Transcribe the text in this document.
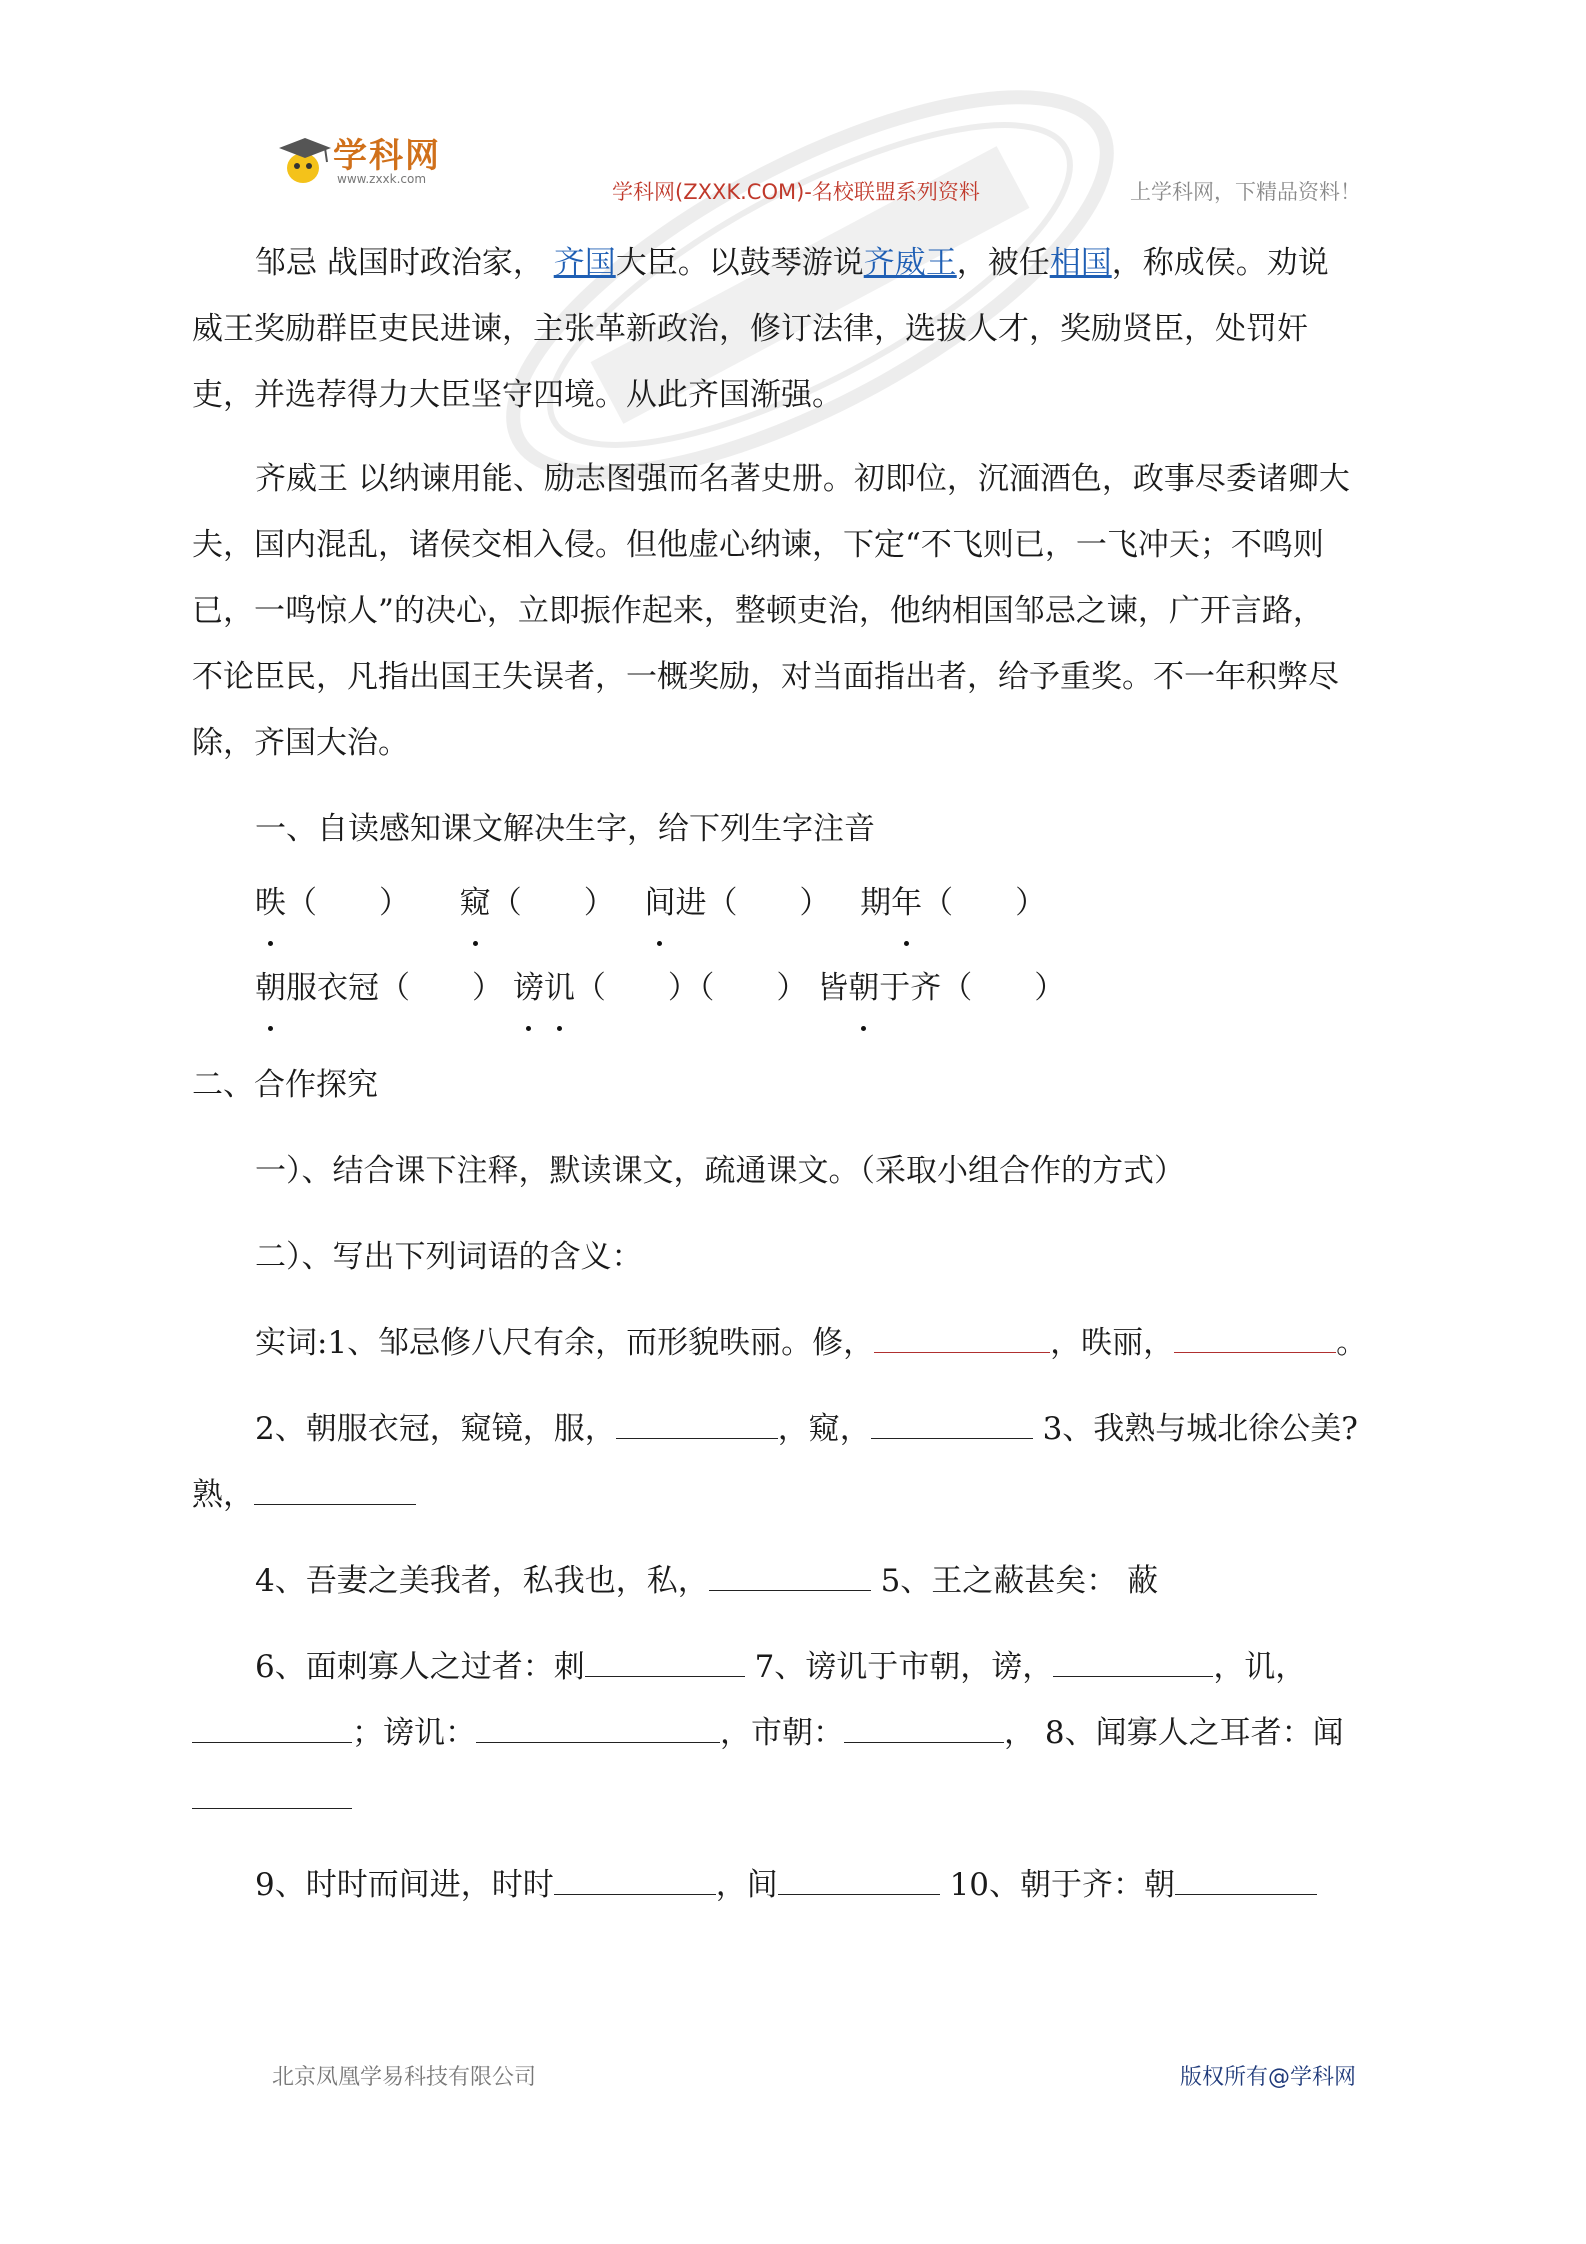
学科网
www.zxxk.com
学科网(ZXXK.COM)-名校联盟系列资料	上学科网，下精品资料！

邹忌 战国时政治家， 齐国大臣。以鼓琴游说齐威王，被任相国，称成侯。劝说

威王奖励群臣吏民进谏，主张革新政治，修订法律，选拔人才，奖励贤臣，处罚奸

吏，并选荐得力大臣坚守四境。从此齐国渐强。

齐威王 以纳谏用能、励志图强而名著史册。初即位，沉湎酒色，政事尽委诸卿大

夫，国内混乱，诸侯交相入侵。但他虚心纳谏，下定“不飞则已，一飞冲天；不鸣则

已，一鸣惊人”的决心，立即振作起来，整顿吏治，他纳相国邹忌之谏，广开言路，

不论臣民，凡指出国王失误者，一概奖励，对当面指出者，给予重奖。不一年积弊尽

除，齐国大治。

一、自读感知课文解决生字，给下列生字注音

昳（　　） 窥（　　） 间进（　　） 期年（　　）

朝服衣冠（　　） 谤讥（　　）（　　） 皆朝于齐（　　）

二、合作探究

一）、结合课下注释，默读课文，疏通课文。（采取小组合作的方式）

二）、写出下列词语的含义：

实词:1、邹忌修八尺有余，而形貌昳丽。修，	，昳丽，	。

2、朝服衣冠，窥镜，服，	，窥，	3、我熟与城北徐公美?

熟，

4、吾妻之美我者，私我也，私，	5、王之蔽甚矣： 蔽

6、面刺寡人之过者：刺	7、谤讥于市朝，谤，	，讥，

；谤讥：	，市朝：	， 8、闻寡人之耳者：闻

9、时时而间进，时时	，间	10、朝于齐：朝

北京凤凰学易科技有限公司	版权所有@学科网
